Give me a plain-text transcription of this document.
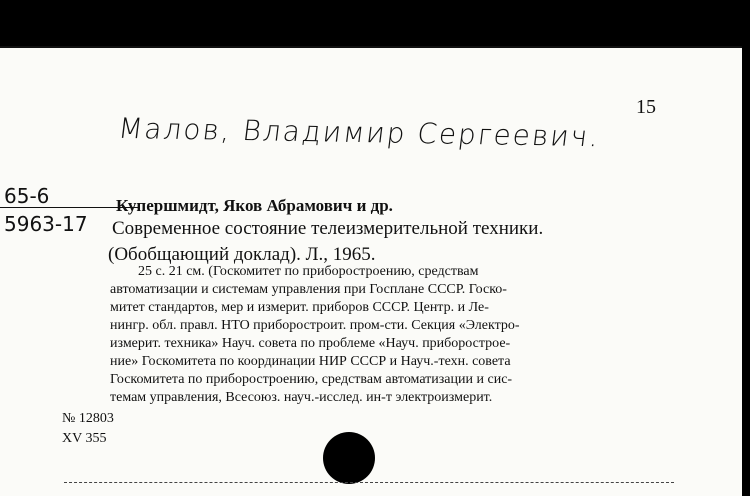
15
Малов, Владимир Сергеевич.
65-6
5963-17
Купершмидт, Яков Абрамович и др.
Современное состояние телеизмерительной техники.
(Обобщающий доклад). Л., 1965.
25 с. 21 см. (Госкомитет по приборостроению, средствам
автоматизации и системам управления при Госплане СССР. Госко-
митет стандартов, мер и измерит. приборов СССР. Центр. и Ле-
нингр. обл. правл. НТО приборостроит. пром-сти. Секция «Электро-
измерит. техника» Науч. совета по проблеме «Науч. приборострое-
ние» Госкомитета по координации НИР СССР и Науч.-техн. совета
Госкомитета по приборостроению, средствам автоматизации и сис-
темам управления, Всесоюз. науч.-исслед. ин-т электроизмерит.
№ 12803
XV 355
